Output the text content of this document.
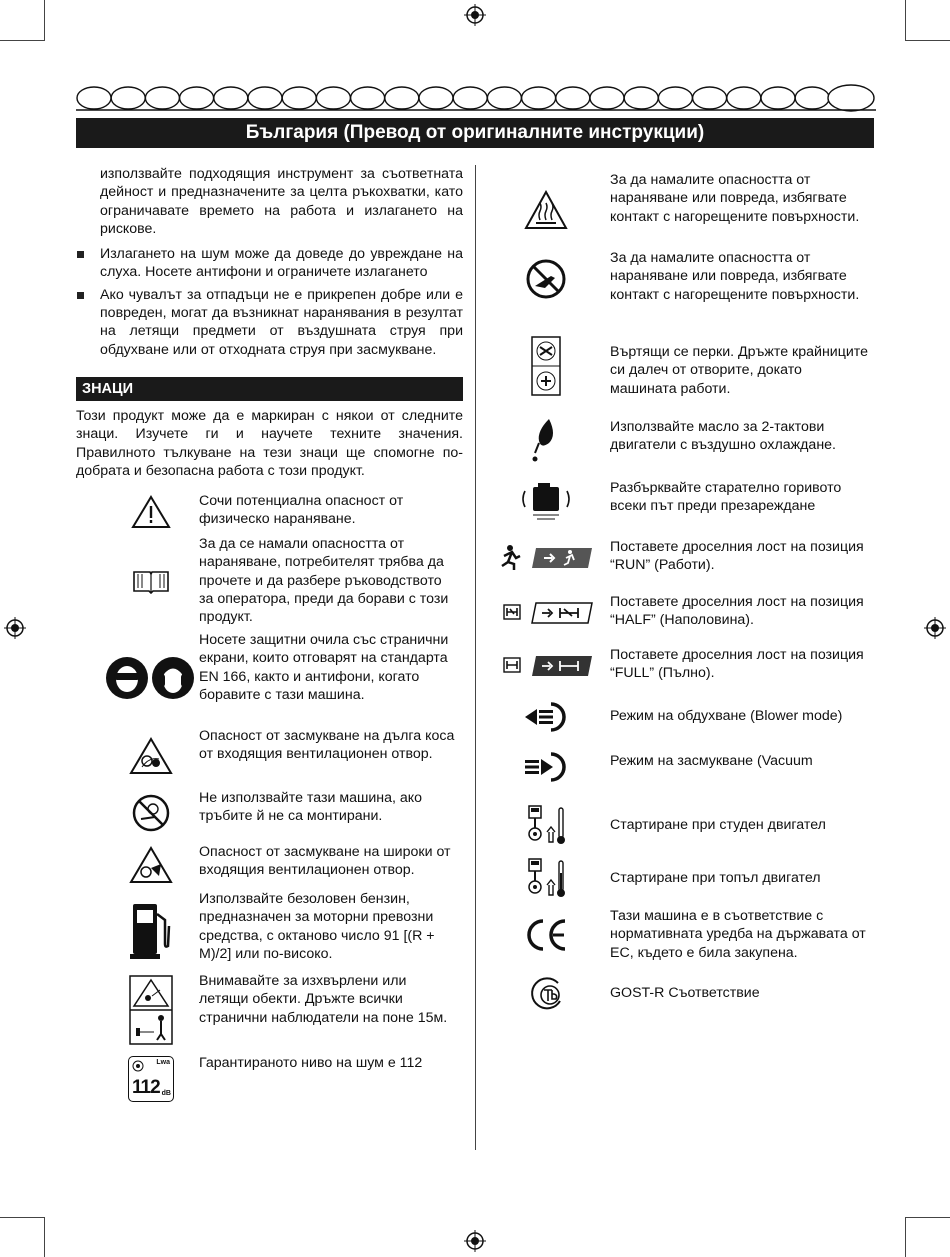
България (Превод от оригиналните инструкции)

използвайте подходящия инструмент за съответната дейност и предназначените за целта ръкохватки, като ограничавате времето на работа и излагането на рискове.

Излагането на шум може да доведе до увреждане на слуха. Носете антифони и ограничете излагането
Ако чувалът за отпадъци не е прикрепен добре или е повреден, могат да възникнат наранявания в резултат на летящи предмети от въздушната струя при обдухване или от отходната струя при засмукване.
ЗНАЦИ
Този продукт може да е маркиран с някои от следните знаци. Изучете ги и научете техните значения. Правилното тълкуване на тези знаци ще спомогне по-добрата и безопасна работа с този продукт.
Сочи потенциална опасност от физическо нараняване.
За да се намали опасността от нараняване, потребителят трябва да прочете и да разбере ръководството за оператора, преди да борави с този продукт.
Носете защитни очила със странични екрани, които отговарят на стандарта EN 166, както и антифони, когато боравите с тази машина.
Опасност от засмукване на дълга коса от входящия вентилационен отвор.
Не използвайте тази машина, ако тръбите й не са монтирани.
Опасност от засмукване на широки от входящия вентилационен отвор.
Използвайте безоловен бензин, предназначен за моторни превозни средства, с октаново число 91 [(R + M)/2] или по-високо.
Внимавайте за изхвърлени или летящи обекти. Дръжте всички странични наблюдатели на поне 15м.
Lwa
112 dB
Гарантираното ниво на шум е 112
За да намалите опасността от нараняване или повреда, избягвате контакт с нагорещените повърхности.
За да намалите опасността от нараняване или повреда, избягвате контакт с нагорещените повърхности.
Въртящи се перки. Дръжте крайниците си далеч от отворите, докато машината работи.
Използвайте масло за 2-тактови двигатели с въздушно охлаждане.
Разбърквайте старателно горивото всеки път преди презареждане
Поставете дроселния лост на позиция “RUN” (Работи).
Поставете дроселния лост на позиция “HALF” (Наполовина).
Поставете дроселния лост на позиция “FULL” (Пълно).
Режим на обдухване (Blower mode)
Режим на засмукване (Vacuum
Стартиране при студен двигател
Стартиране при топъл двигател
Тази машина е в съответствие с нормативната уредба на държавата от ЕС, където е била закупена.
GOST-R Съответствие
